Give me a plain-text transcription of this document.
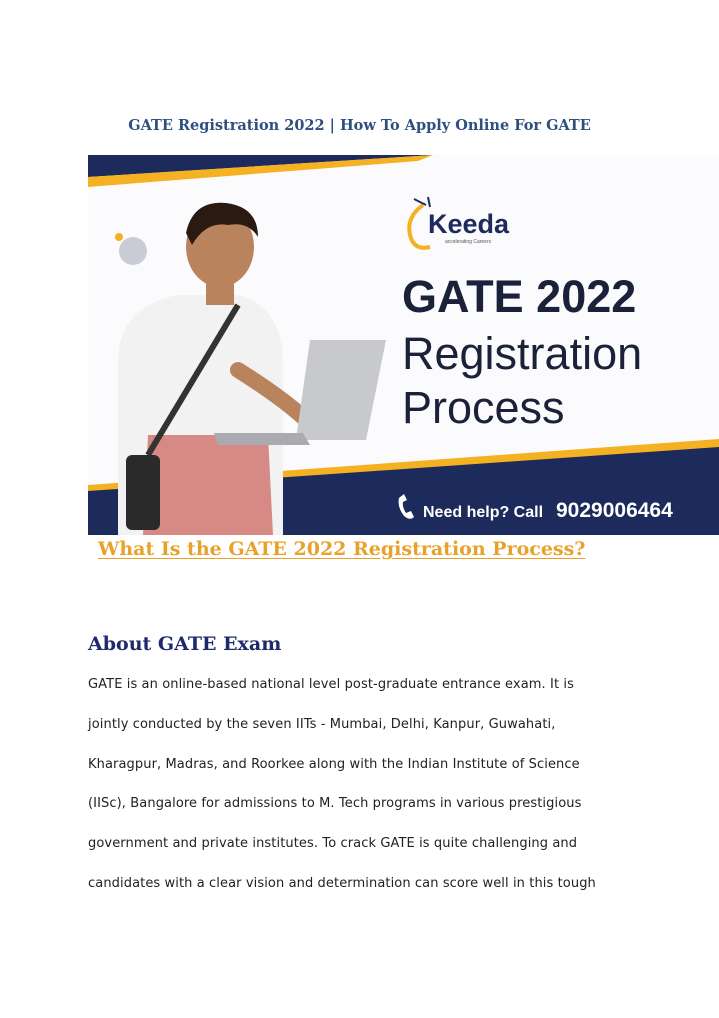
GATE Registration 2022 | How To Apply Online For GATE
Keeda
accelerating Careers
GATE 2022
Registration
Process
Need help? Call 9029006464
What Is the GATE 2022 Registration Process?
About GATE Exam
GATE is an online-based national level post-graduate entrance exam. It is
jointly conducted by the seven IITs - Mumbai, Delhi, Kanpur, Guwahati,
Kharagpur, Madras, and Roorkee along with the Indian Institute of Science
(IISc), Bangalore for admissions to M. Tech programs in various prestigious
government and private institutes. To crack GATE is quite challenging and
candidates with a clear vision and determination can score well in this tough
